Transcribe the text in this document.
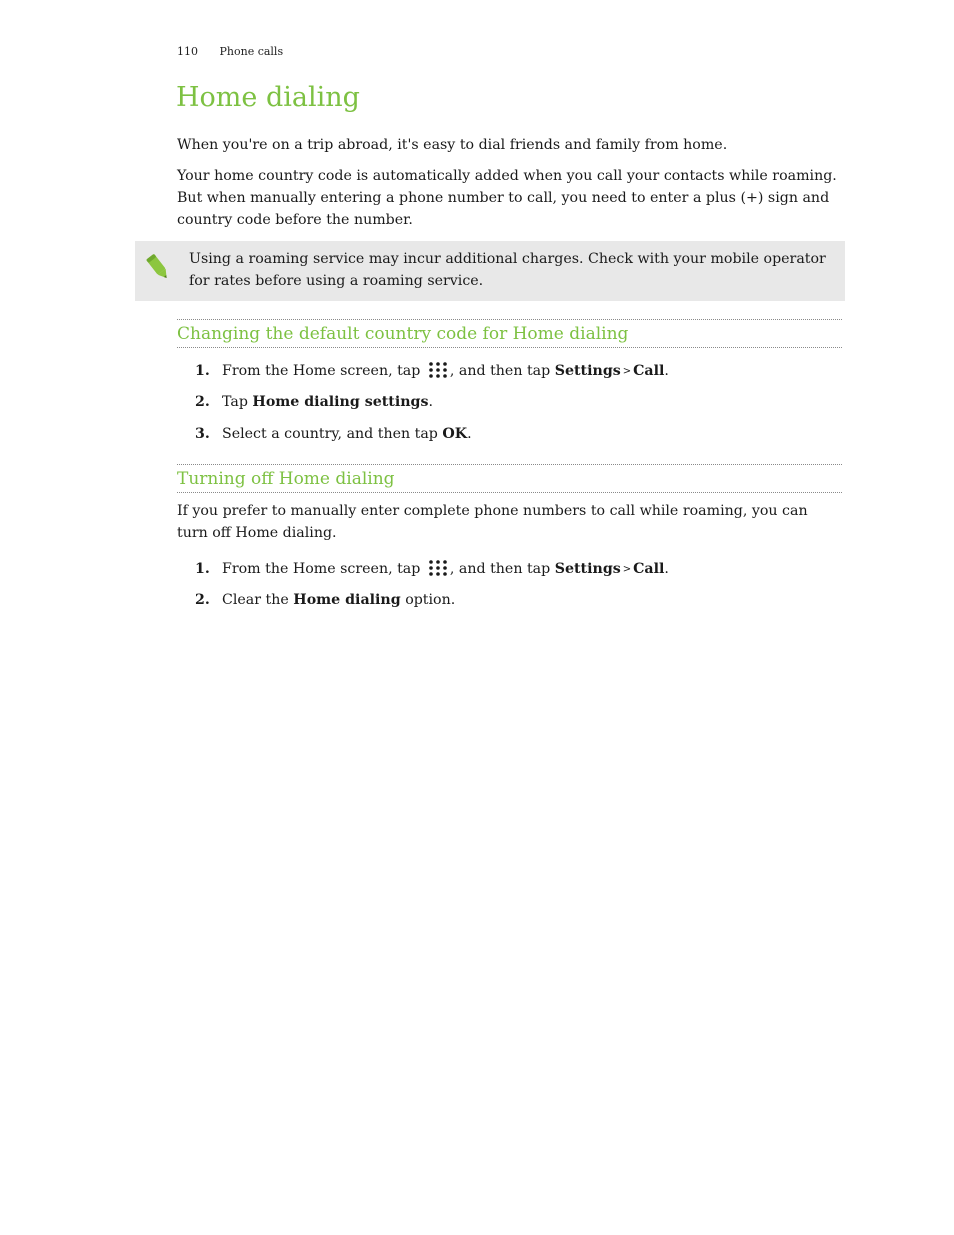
110 Phone calls
Home dialing

When you're on a trip abroad, it's easy to dial friends and family from home.

Your home country code is automatically added when you call your contacts while roaming. But when manually entering a phone number to call, you need to enter a plus (+) sign and country code before the number.

Using a roaming service may incur additional charges. Check with your mobile operator for rates before using a roaming service.

Changing the default country code for Home dialing
1. From the Home screen, tap , and then tap Settings > Call.
2. Tap Home dialing settings.
3. Select a country, and then tap OK.
Turning off Home dialing

If you prefer to manually enter complete phone numbers to call while roaming, you can turn off Home dialing.

1. From the Home screen, tap , and then tap Settings > Call.
2. Clear the Home dialing option.
